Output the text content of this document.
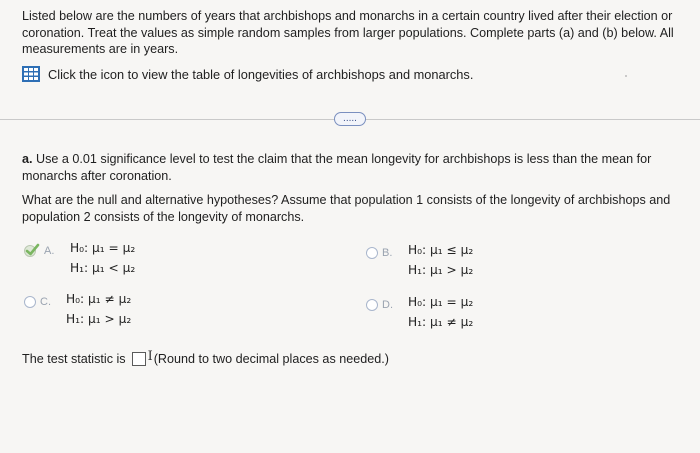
Listed below are the numbers of years that archbishops and monarchs in a certain country lived after their election or coronation. Treat the values as simple random samples from larger populations. Complete parts (a) and (b) below. All measurements are in years.
Click the icon to view the table of longevities of archbishops and monarchs.
.....
a. Use a 0.01 significance level to test the claim that the mean longevity for archbishops is less than the mean for monarchs after coronation.
What are the null and alternative hypotheses? Assume that population 1 consists of the longevity of archbishops and population 2 consists of the longevity of monarchs.
A.	H₀: μ₁ = μ₂
H₁: μ₁ < μ₂
B.	H₀: μ₁ ≤ μ₂
H₁: μ₁ > μ₂
C.	H₀: μ₁ ≠ μ₂
H₁: μ₁ > μ₂
D.	H₀: μ₁ = μ₂
H₁: μ₁ ≠ μ₂
The test statistic is I (Round to two decimal places as needed.)
